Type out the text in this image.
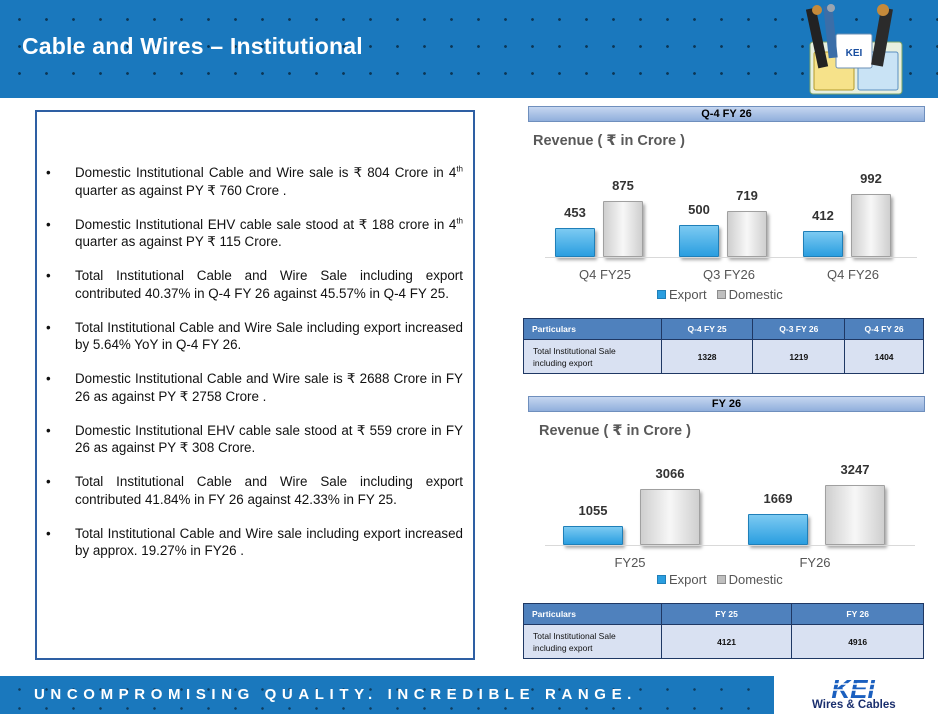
Cable and Wires – Institutional	KEI
• Domestic Institutional Cable and Wire sale is ₹ 804 Crore in 4th quarter as against PY ₹ 760 Crore .
• Domestic Institutional EHV cable sale stood at ₹ 188 crore in 4th quarter as against PY ₹ 115 Crore.
• Total Institutional Cable and Wire Sale including export contributed 40.37% in Q-4 FY 26 against 45.57% in Q-4 FY 25.
• Total Institutional Cable and Wire Sale including export increased by 5.64% YoY in Q-4 FY 26.
• Domestic Institutional Cable and Wire sale is ₹ 2688 Crore in FY 26 as against PY ₹ 2758 Crore .
• Domestic Institutional EHV cable sale stood at ₹ 559 crore in FY 26 as against PY ₹ 308 Crore.
• Total Institutional Cable and Wire Sale including export contributed 41.84% in FY 26 against 42.33% in FY 25.
• Total Institutional Cable and Wire sale including export increased by approx. 19.27% in FY26 .
Q-4 FY 26
Revenue ( ₹ in Crore )
453
875
Q4 FY25
500
719
Q3 FY26
412
992
Q4 FY26
Export Domestic
Particulars	Q-4 FY 25	Q-3 FY 26	Q-4 FY 26
Total Institutional Sale
including export	1328	1219	1404
FY 26
Revenue ( ₹ in Crore )
1055
3066
FY25
1669
3247
FY26
Export Domestic
Particulars	FY 25	FY 26
Total Institutional Sale
including export	4121	4916
UNCOMPROMISING QUALITY. INCREDIBLE RANGE.	KEI
Wires & Cables
